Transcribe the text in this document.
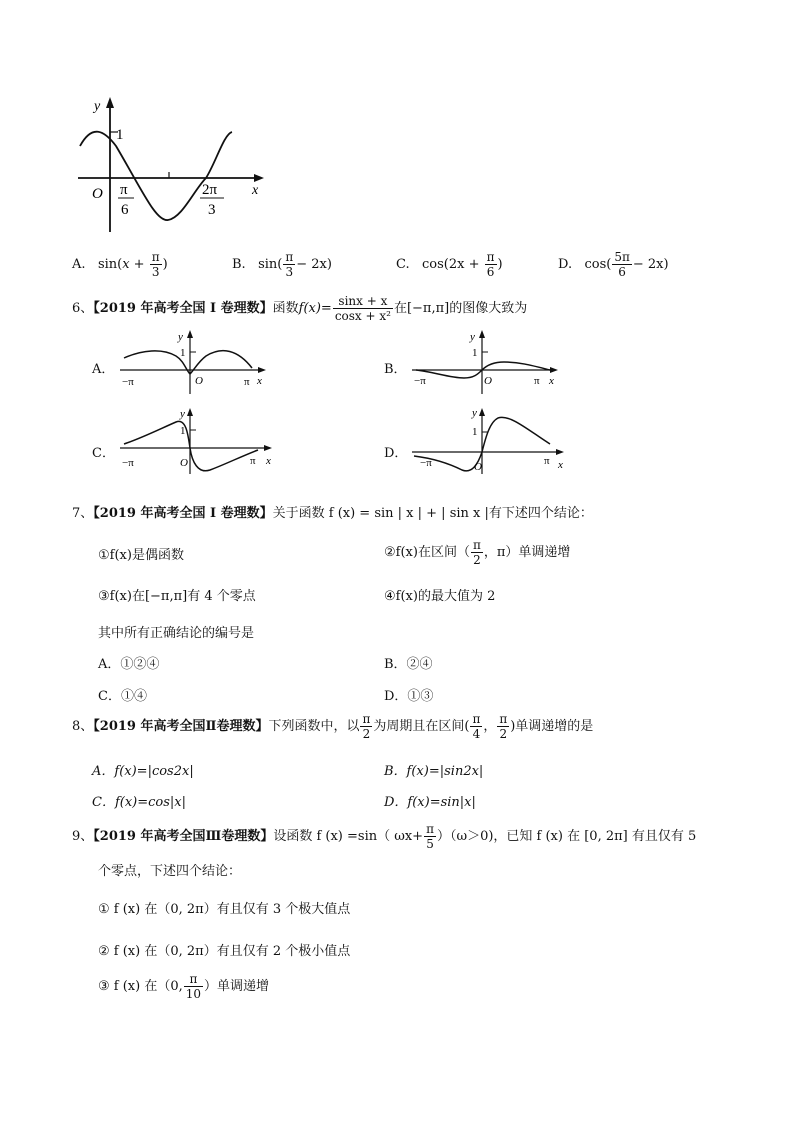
y
1
O	x
π
6
2π
3
A. $\sin(x + \frac{\pi}{3}$ )	B. $\sin( \frac{\pi}{3} - 2x)$	C. $\cos(2x + \frac{\pi}{6}$ )	D. $\cos( \frac{5\pi}{6} - 2x)$
6、【2019 年高考全国 I 卷理数】函数$f(x)= \frac{\sin x + x}{\text{cosx + x²}}$ 在[−π,π]的图像大致为
A．
y
1
O
−π	π x
B．
y
1
O
−π	π x
C．
y
1
O
−π	π x	D．
y
1
O
−π	π x
7、【2019 年高考全国 I 卷理数】关于函数 f (x) = sin | x | + | sin x |有下述四个结论：
①f(x)是偶函数	②f(x)在区间（ $\frac{\pi}{2}$ ，π）单调递增
③f(x)在[−π,π]有 4 个零点	④f(x)的最大值为 2
其中所有正确结论的编号是
A．①②④	B．②④
C．①④	D．①③
8、【2019 年高考全国Ⅱ卷理数】下列函数中，以 $\frac{\pi}{2}$ 为周期且在区间( $\frac{\pi}{4}$ ， $\frac{\pi}{2}$ )单调递增的是
A．f(x)=|cos2x|	B．f(x)=|sin2x|
C．f(x)=cos|x|	D．f(x)=sin|x|
9、【2019 年高考全国Ⅲ卷理数】设函数 f (x) =sin（ $\omega x+ \frac{\pi}{5} )(\omega>0)$，已知 f (x) 在 [0, 2π] 有且仅有 5
个零点，下述四个结论：
① f (x) 在（0, 2π）有且仅有 3 个极大值点
② f (x) 在（0, 2π）有且仅有 2 个极小值点
③ f (x) 在（0, $\frac{\pi}{10}$ ）单调递增
